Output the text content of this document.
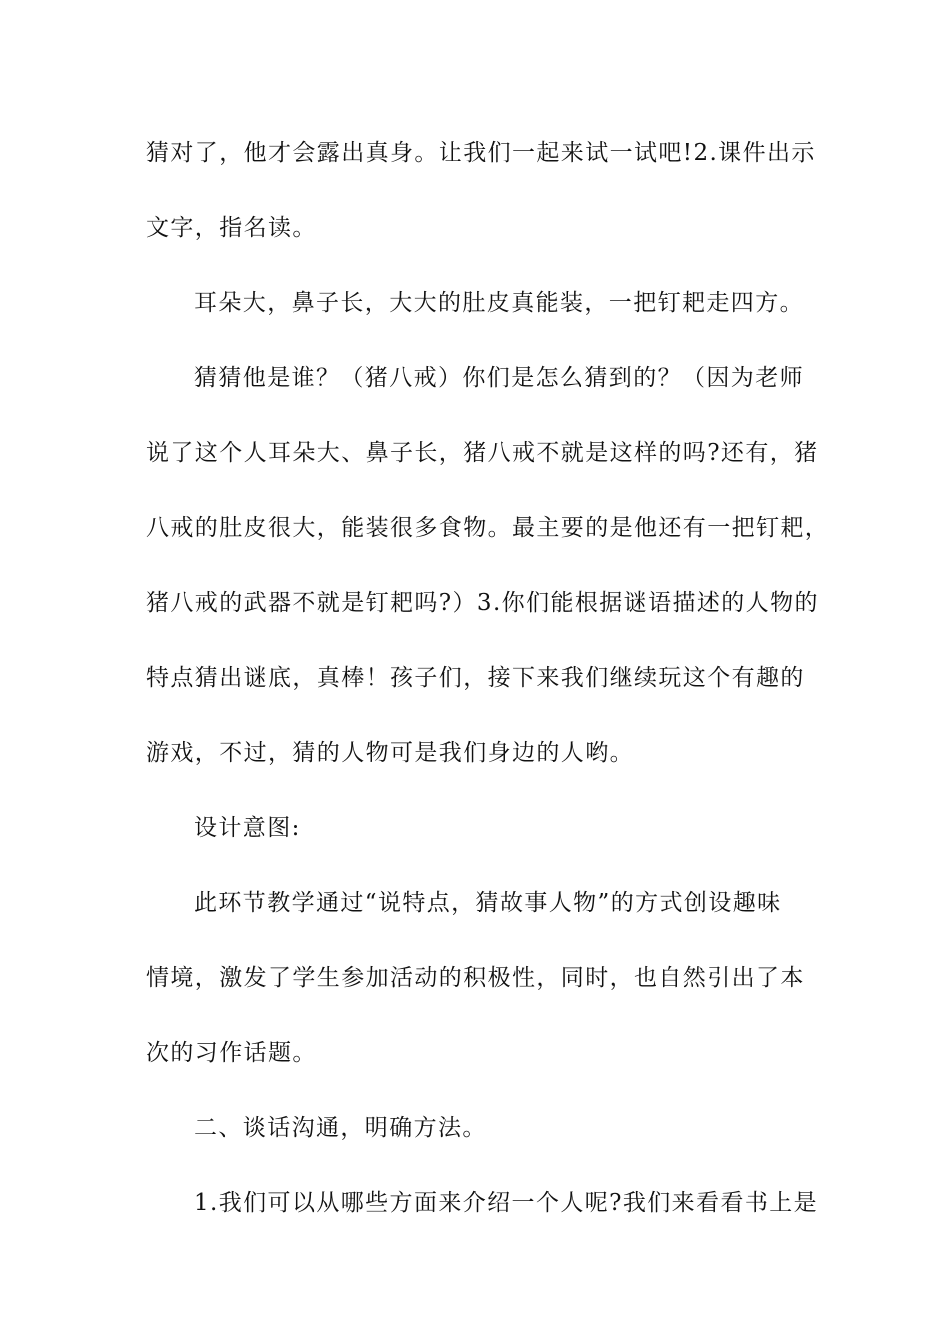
猜对了，他才会露出真身。让我们一起来试一试吧!2.课件出示
文字，指名读。
耳朵大，鼻子长，大大的肚皮真能装，一把钉耙走四方。
猜猜他是谁？（猪八戒）你们是怎么猜到的？（因为老师
说了这个人耳朵大、鼻子长，猪八戒不就是这样的吗?还有，猪
八戒的肚皮很大，能装很多食物。最主要的是他还有一把钉耙，
猪八戒的武器不就是钉耙吗?）3.你们能根据谜语描述的人物的
特点猜出谜底，真棒！孩子们，接下来我们继续玩这个有趣的
游戏，不过，猜的人物可是我们身边的人哟。
设计意图:
此环节教学通过“说特点，猜故事人物”的方式创设趣味
情境，激发了学生参加活动的积极性，同时，也自然引出了本
次的习作话题。
二、谈话沟通，明确方法。
1.我们可以从哪些方面来介绍一个人呢?我们来看看书上是
